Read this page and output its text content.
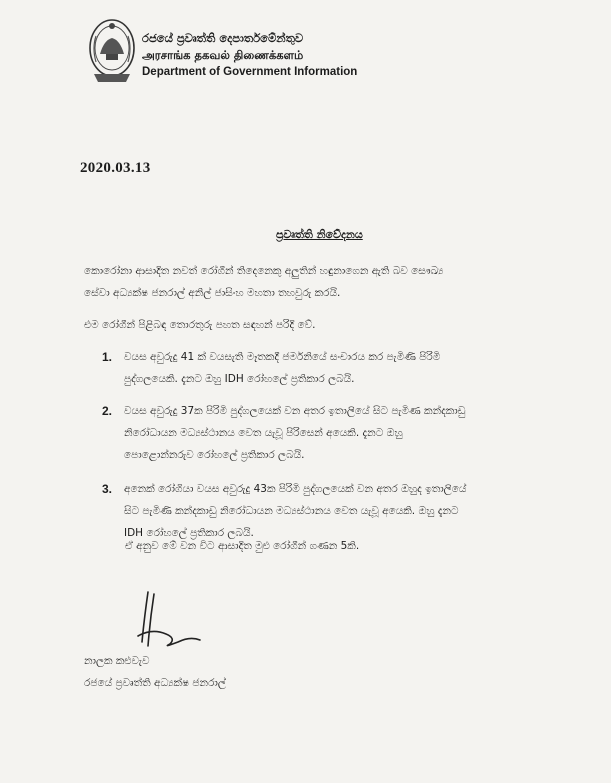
රජයේ ප්‍රවෘත්ති දෙපාර්තමේන්තුව
அரசாங்க தகவல் திணைக்களம்
Department of Government Information
2020.03.13
ප්‍රවෘත්ති නිවේදනය
කොරෝනා ආසාදිත නවත් රෝගීන් තිදෙනෙකු අලුතින් හඳුනාගෙන ඇති බව සෞඛ්‍ය
සේවා අධ්‍යක්ෂ ජනරාල් අනිල් ජාසිංහ මහතා තහවුරු කරයි.
එම රෝගීන් පිළිබඳ තොරතුරු පහත සඳහන් පරිදි වේ.
1. වයස අවුරුදු 41 ක් වයසැති මෑතකදී ජර්මනියේ සංචාරය කර පැමිණි පිරිමි
පුද්ගලයෙකි. දැනට ඔහු IDH රෝහලේ ප්‍රතිකාර ලබයි.
2. වයස අවුරුදු 37ක පිරිමි පුද්ගලයෙක් වන අතර ඉතාලියේ සිට පැමිණ කන්දකාඩු
නිරෝධායන මධ්‍යස්ථානය වෙත යැවූ පිරිසෙන් අයෙකි. දැනට ඔහු
පොළොන්නරුව රෝහලේ ප්‍රතිකාර ලබයි.
3. අනෙක් රෝගියා වයස අවුරුදු 43ක පිරිමි පුද්ගලයෙක් වන අතර ඔහුද ඉතාලියේ
සිට පැමිණි කන්දකාඩු නිරෝධායන මධ්‍යස්ථානය වෙත යැවූ අයෙකි. ඔහු දැනට
IDH රෝහලේ ප්‍රතිකාර ලබයි.
ඒ අනුව මේ වන විට ආසාදිත මුළු රෝගීන් ගණන 5කි.
නාලක කළුවැව
රජයේ ප්‍රවෘත්ති අධ්‍යක්ෂ ජනරාල්
